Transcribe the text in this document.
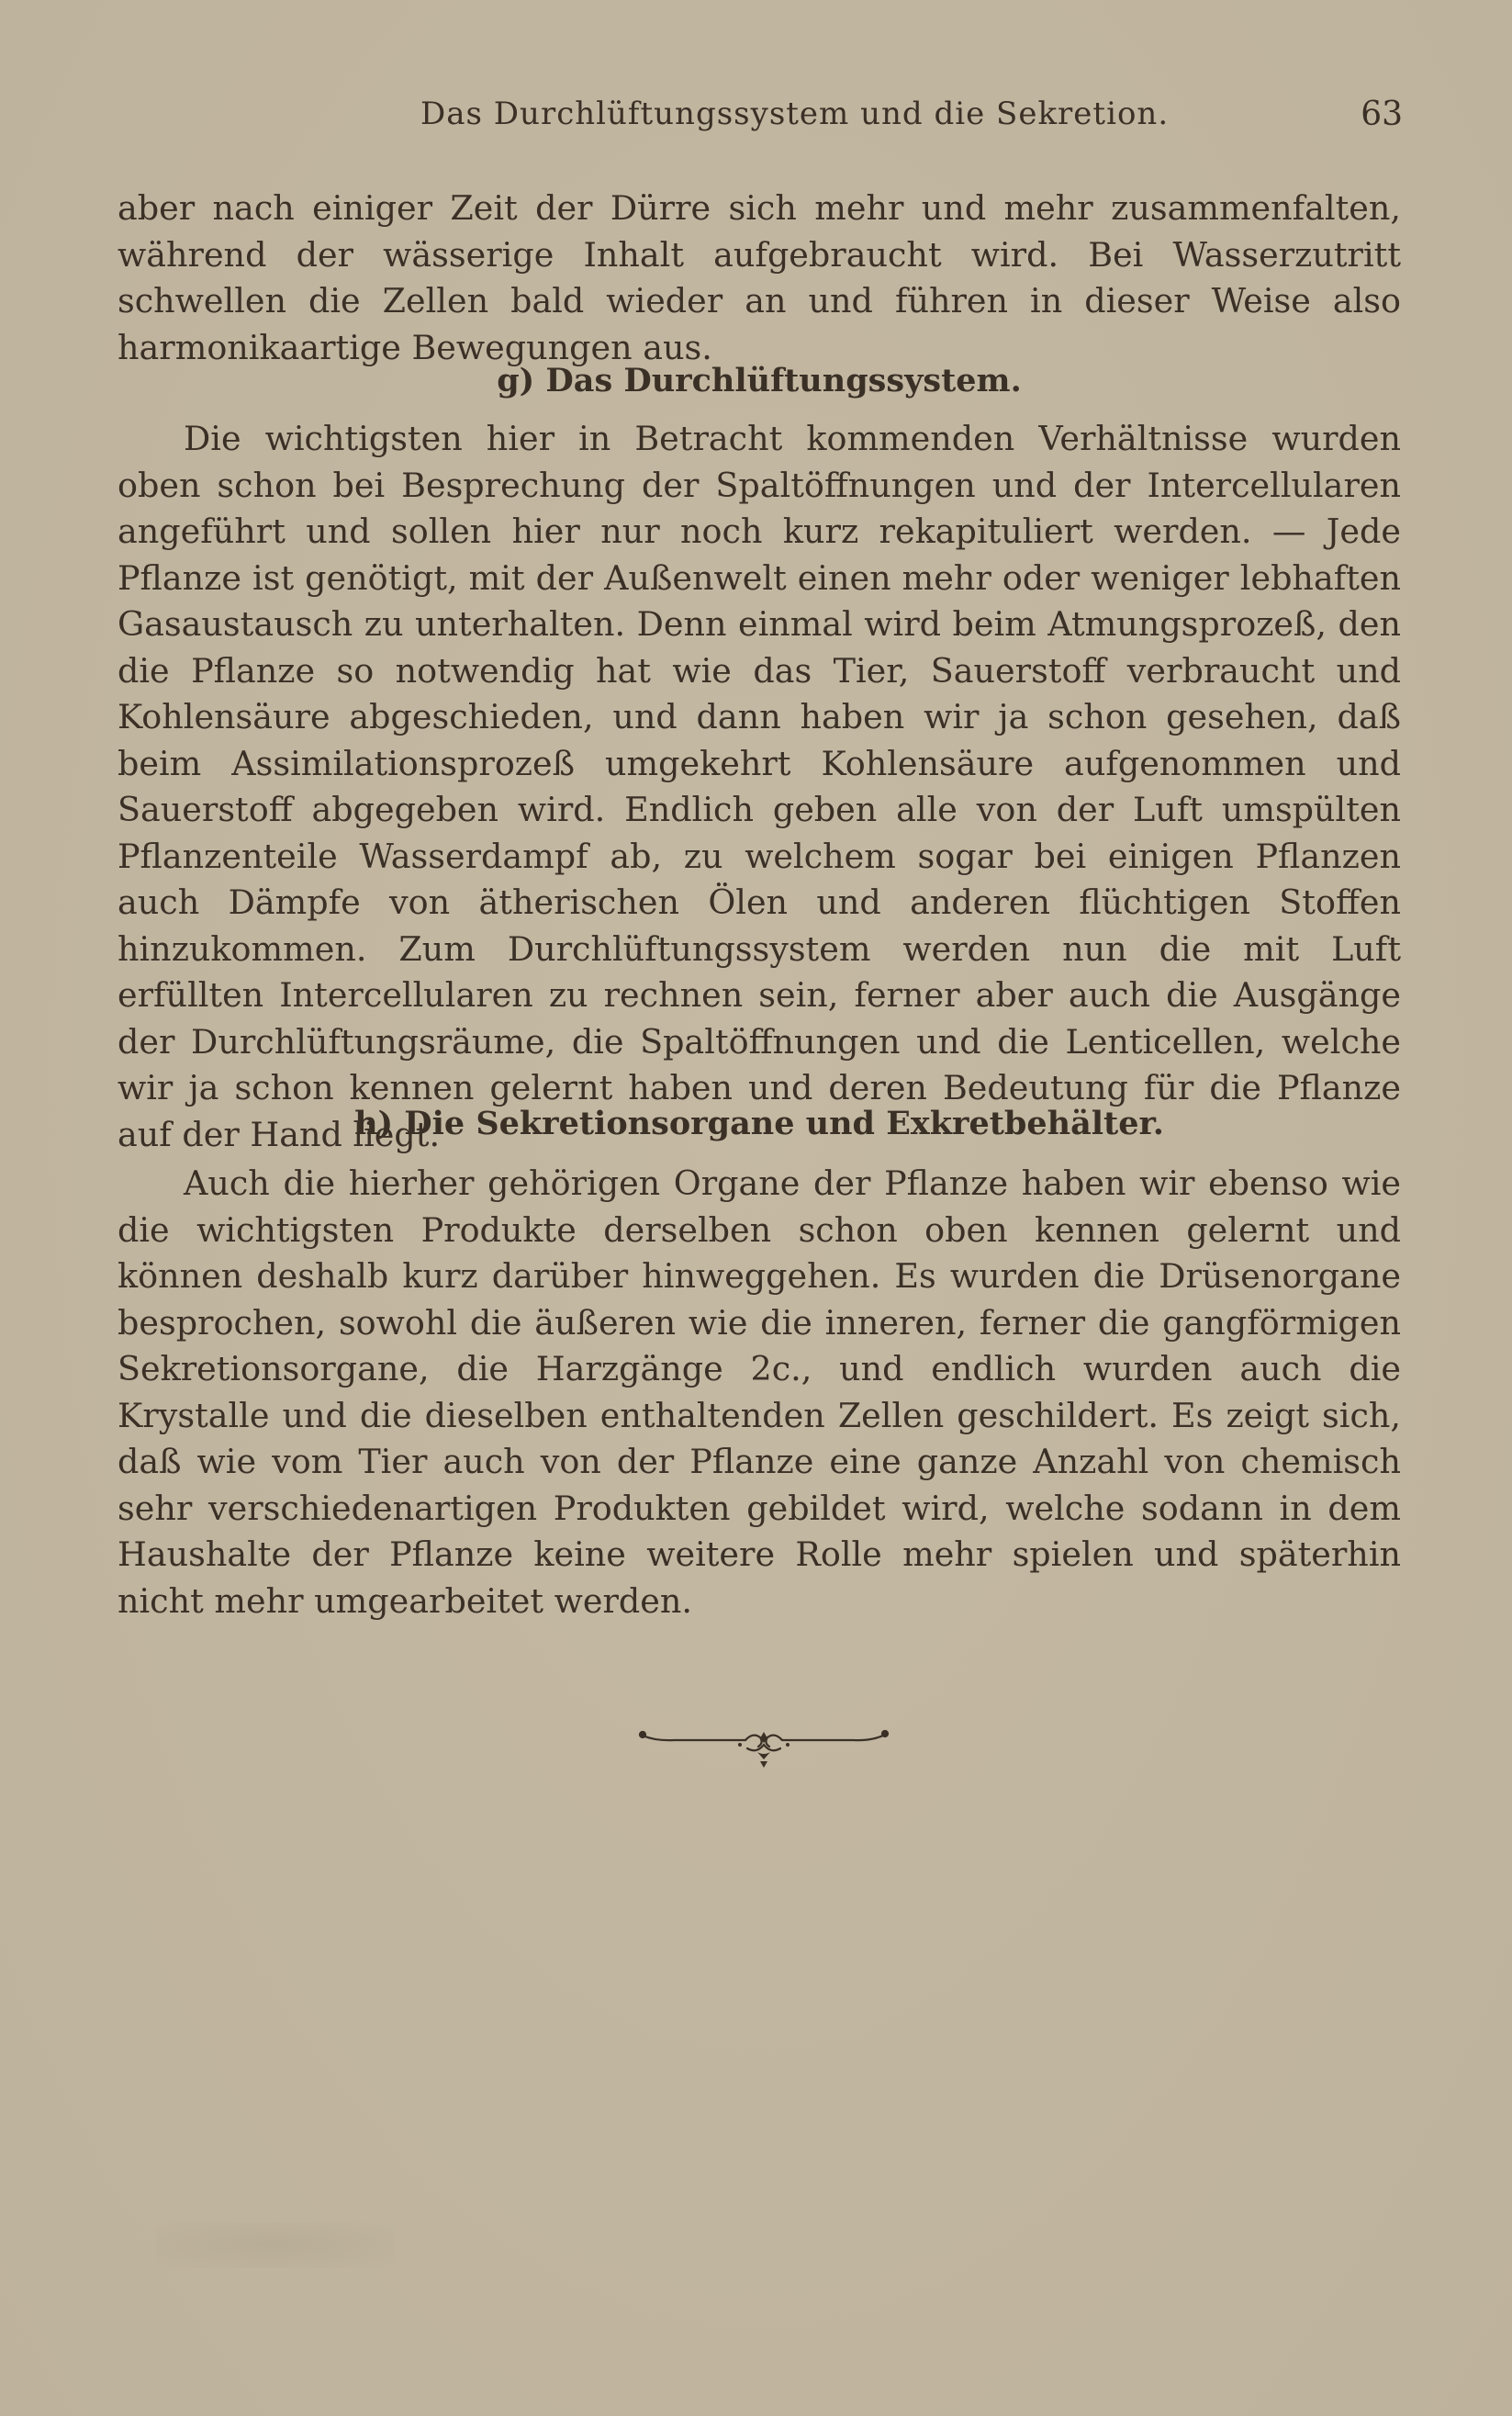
Das Durchlüftungssystem und die Sekretion.	63

aber nach einiger Zeit der Dürre sich mehr und mehr zusammenfalten, während der wässerige Inhalt aufgebraucht wird. Bei Wasserzutritt schwellen die Zellen bald wieder an und führen in dieser Weise also harmonikaartige Bewegungen aus.

g) Das Durchlüftungssystem.

Die wichtigsten hier in Betracht kommenden Verhältnisse wurden oben schon bei Besprechung der Spaltöffnungen und der Intercellularen angeführt und sollen hier nur noch kurz rekapituliert werden. — Jede Pflanze ist genötigt, mit der Außenwelt einen mehr oder weniger lebhaften Gasaustausch zu unterhalten. Denn einmal wird beim Atmungsprozeß, den die Pflanze so notwendig hat wie das Tier, Sauerstoff verbraucht und Kohlensäure abgeschieden, und dann haben wir ja schon gesehen, daß beim Assimilationsprozeß umgekehrt Kohlensäure aufgenommen und Sauerstoff abgegeben wird. Endlich geben alle von der Luft umspülten Pflanzenteile Wasserdampf ab, zu welchem sogar bei einigen Pflanzen auch Dämpfe von ätherischen Ölen und anderen flüchtigen Stoffen hinzukommen. Zum Durchlüftungssystem werden nun die mit Luft erfüllten Intercellularen zu rechnen sein, ferner aber auch die Ausgänge der Durchlüftungsräume, die Spaltöffnungen und die Lenticellen, welche wir ja schon kennen gelernt haben und deren Bedeutung für die Pflanze auf der Hand liegt.

h) Die Sekretionsorgane und Exkretbehälter.

Auch die hierher gehörigen Organe der Pflanze haben wir ebenso wie die wichtigsten Produkte derselben schon oben kennen gelernt und können deshalb kurz darüber hinweggehen. Es wurden die Drüsenorgane besprochen, sowohl die äußeren wie die inneren, ferner die gangförmigen Sekretionsorgane, die Harzgänge 2c., und endlich wurden auch die Krystalle und die dieselben enthaltenden Zellen geschildert. Es zeigt sich, daß wie vom Tier auch von der Pflanze eine ganze Anzahl von chemisch sehr verschiedenartigen Produkten gebildet wird, welche sodann in dem Haushalte der Pflanze keine weitere Rolle mehr spielen und späterhin nicht mehr umgearbeitet werden.
